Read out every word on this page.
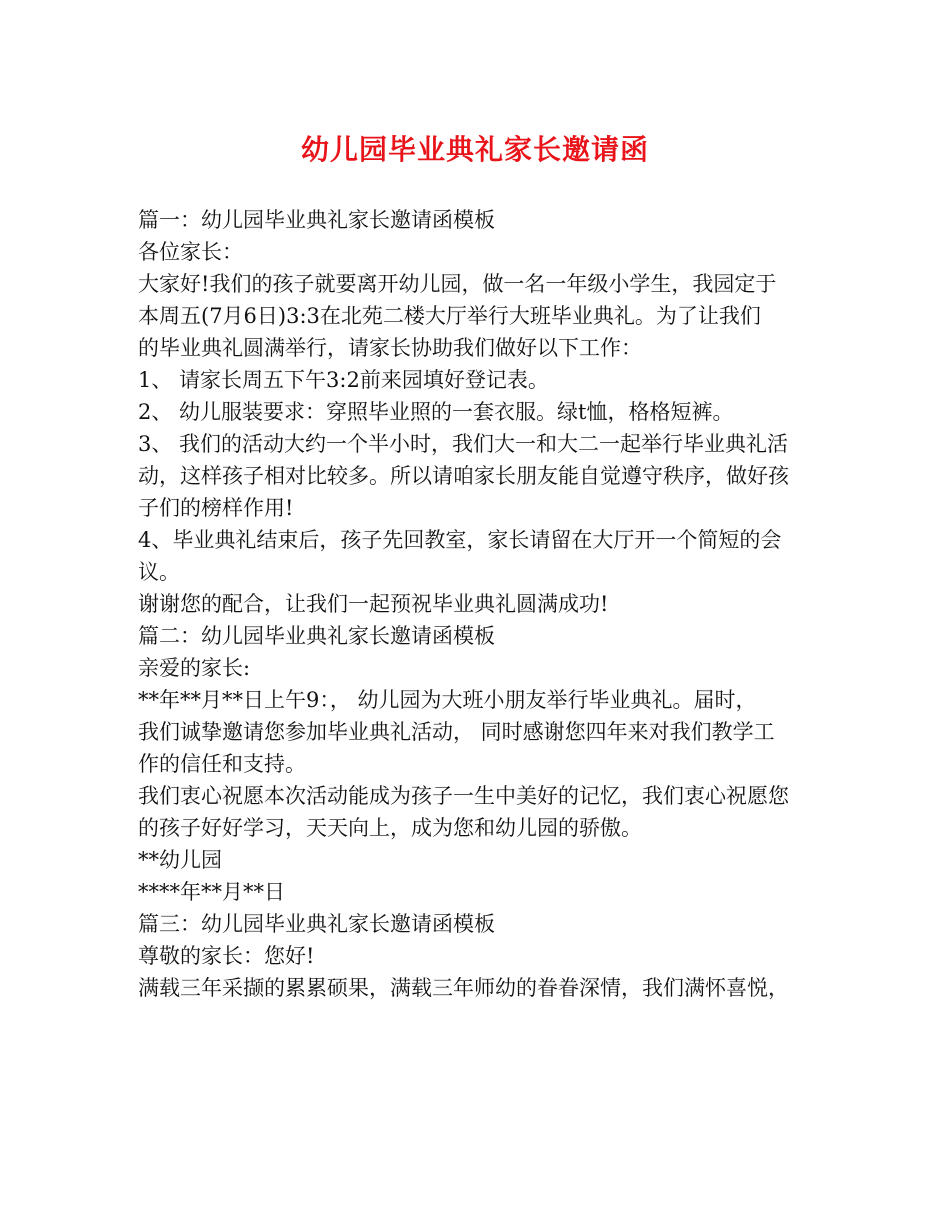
幼儿园毕业典礼家长邀请函
篇一：幼儿园毕业典礼家长邀请函模板
各位家长：
大家好!我们的孩子就要离开幼儿园，做一名一年级小学生，我园定于
本周五(7月6日)3:3在北苑二楼大厅举行大班毕业典礼。为了让我们
的毕业典礼圆满举行，请家长协助我们做好以下工作：
1、 请家长周五下午3:2前来园填好登记表。
2、 幼儿服装要求：穿照毕业照的一套衣服。绿t恤，格格短裤。
3、 我们的活动大约一个半小时，我们大一和大二一起举行毕业典礼活
动，这样孩子相对比较多。所以请咱家长朋友能自觉遵守秩序，做好孩
子们的榜样作用!
4、毕业典礼结束后，孩子先回教室，家长请留在大厅开一个简短的会
议。
谢谢您的配合，让我们一起预祝毕业典礼圆满成功!
篇二：幼儿园毕业典礼家长邀请函模板
亲爱的家长:
**年**月**日上午9：， 幼儿园为大班小朋友举行毕业典礼。届时，
我们诚挚邀请您参加毕业典礼活动， 同时感谢您四年来对我们教学工
作的信任和支持。
我们衷心祝愿本次活动能成为孩子一生中美好的记忆，我们衷心祝愿您
的孩子好好学习，天天向上，成为您和幼儿园的骄傲。
**幼儿园
****年**月**日
篇三：幼儿园毕业典礼家长邀请函模板
尊敬的家长：您好!
满载三年采撷的累累硕果，满载三年师幼的眷眷深情，我们满怀喜悦，
